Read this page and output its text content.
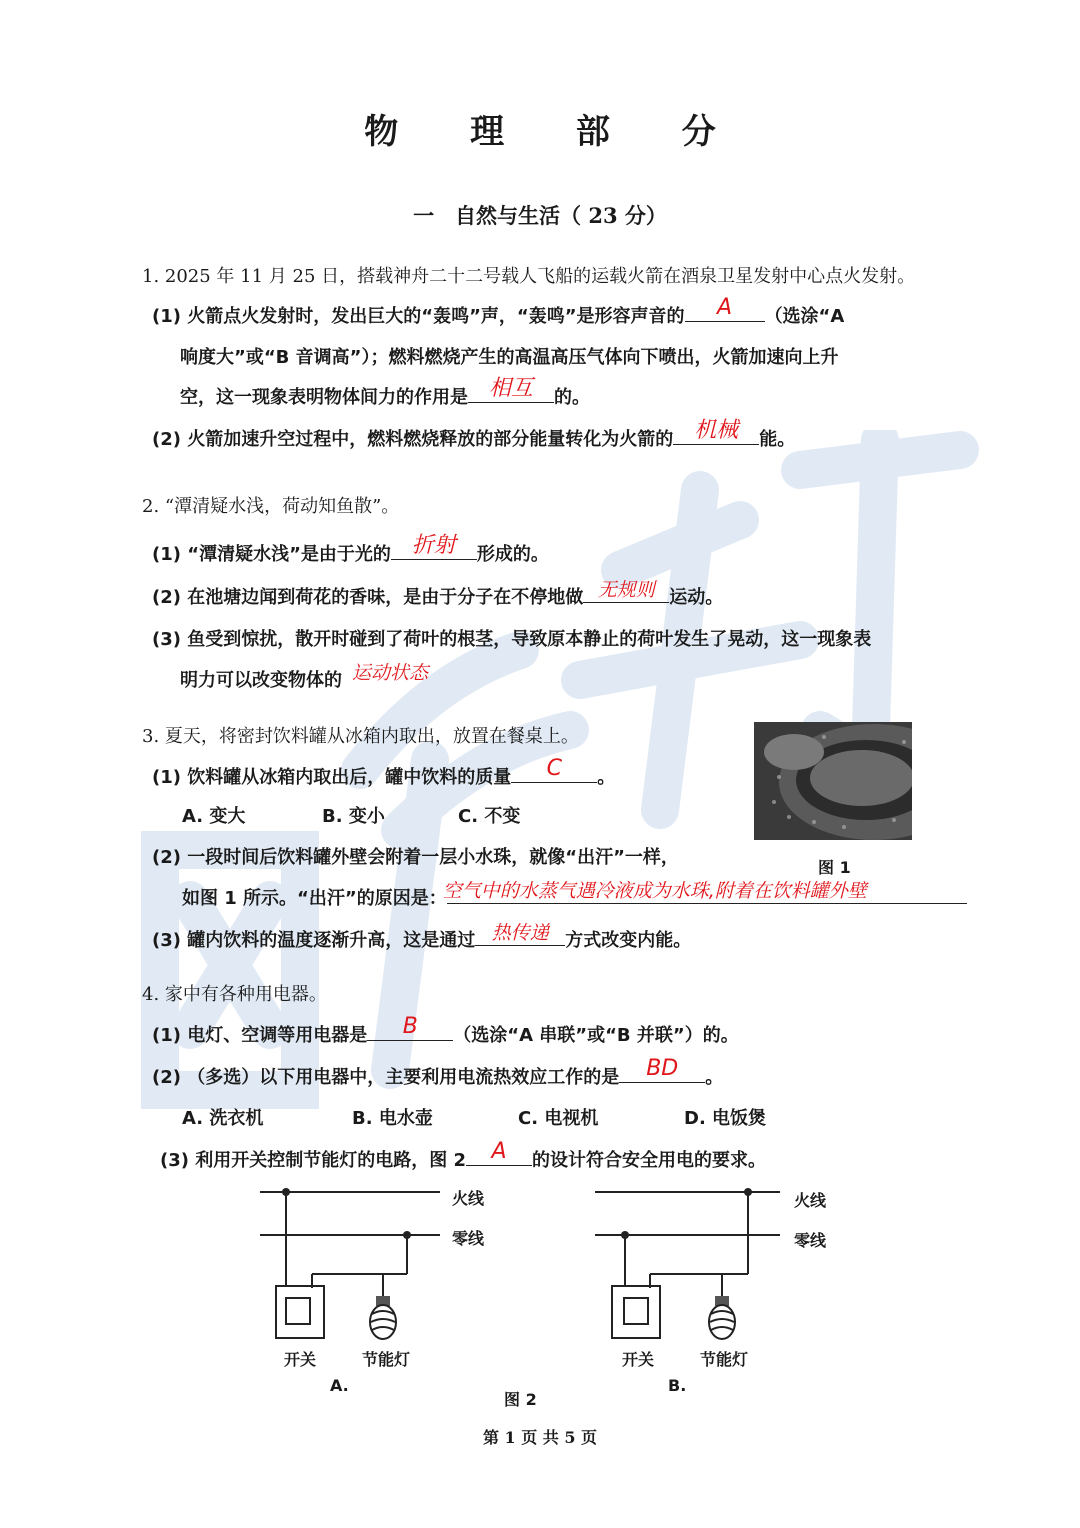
物 理 部 分
一　自然与生活（ 23 分）
1. 2025 年 11 月 25 日，搭载神舟二十二号载人飞船的运载火箭在酒泉卫星发射中心点火发射。
(1) 火箭点火发射时，发出巨大的“轰鸣”声，“轰鸣”是形容声音的	A	（选涂“A
响度大”或“B 音调高”）；燃料燃烧产生的高温高压气体向下喷出，火箭加速向上升
空，这一现象表明物体间力的作用是 相互	的。
(2) 火箭加速升空过程中，燃料燃烧释放的部分能量转化为火箭的 机械	能。
2. “潭清疑水浅，荷动知鱼散”。
(1) “潭清疑水浅”是由于光的 折射	形成的。
(2) 在池塘边闻到荷花的香味，是由于分子在不停地做 无规则 运动。
(3) 鱼受到惊扰，散开时碰到了荷叶的根茎，导致原本静止的荷叶发生了晃动，这一现象表
明力可以改变物体的 运动状态
3. 夏天，将密封饮料罐从冰箱内取出，放置在餐桌上。
(1) 饮料罐从冰箱内取出后，罐中饮料的质量	C	。
A. 变大	B. 变小	C. 不变
图 1
(2) 一段时间后饮料罐外壁会附着一层小水珠，就像“出汗”一样，
如图 1 所示。“出汗”的原因是：
空气中的水蒸气遇冷液成为水珠,附着在饮料罐外壁
(3) 罐内饮料的温度逐渐升高，这是通过 热传递 方式改变内能。
4. 家中有各种用电器。
(1) 电灯、空调等用电器是	B	（选涂“A 串联”或“B 并联”）的。
(2) （多选）以下用电器中，主要利用电流热效应工作的是	BD	。
A. 洗衣机	B. 电水壶	C. 电视机	D. 电饭煲
(3) 利用开关控制节能灯的电路，图 2	A	的设计符合安全用电的要求。
火线
零线
火线
零线
开关	节能灯	开关	节能灯
A.	B.
图 2
第 1 页 共 5 页
